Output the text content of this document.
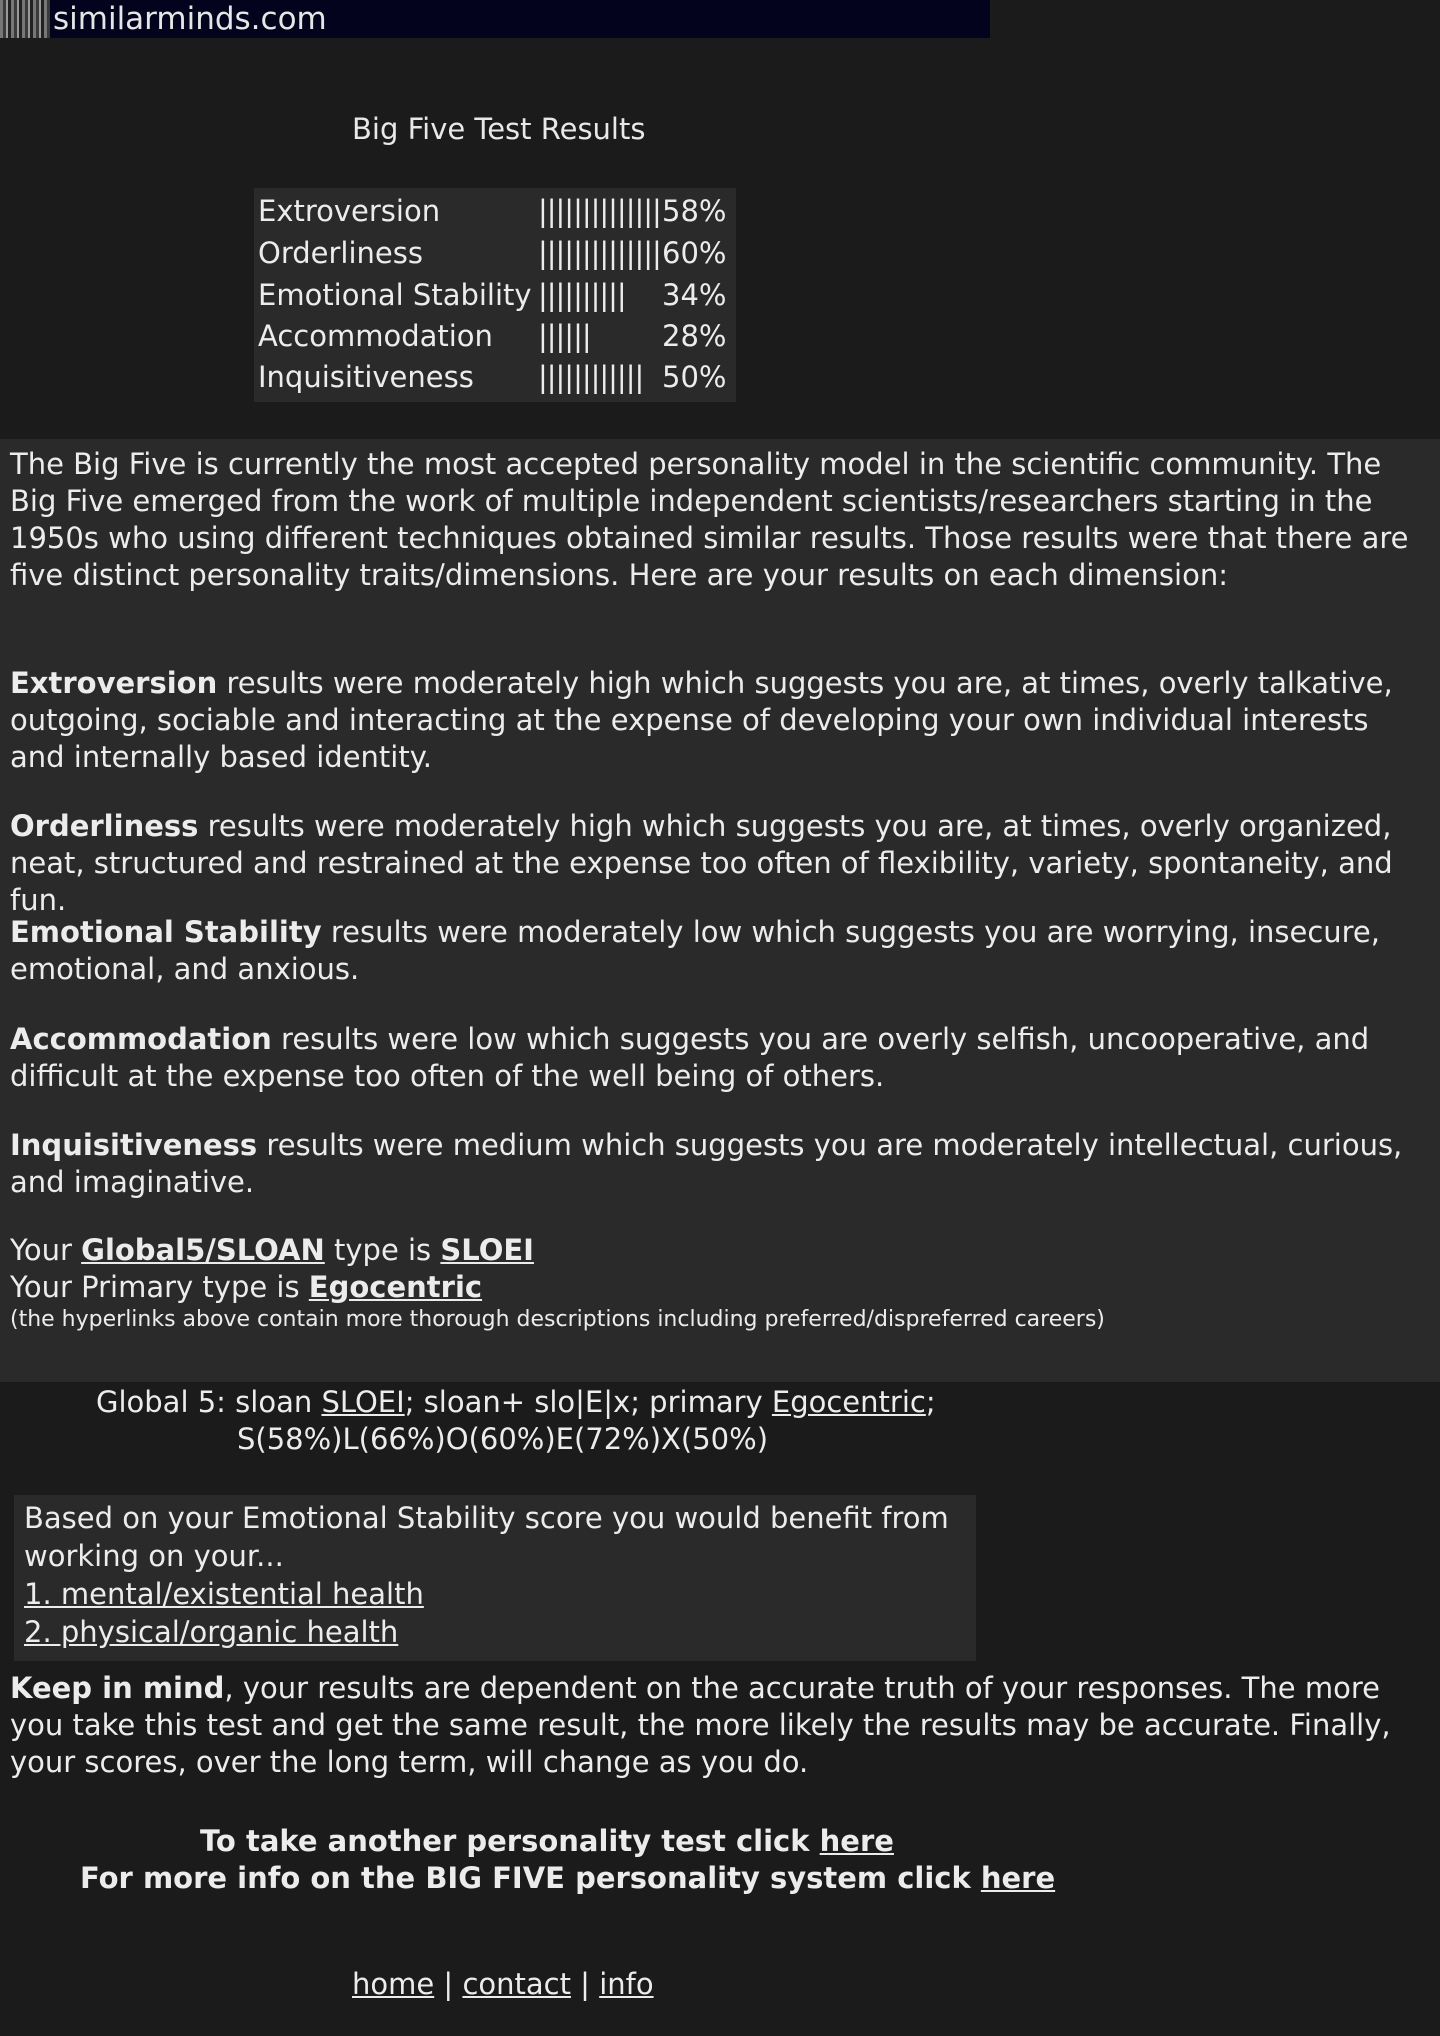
similarminds.com
Big Five Test Results
Extroversion	|||||||||||||| 58%
Orderliness	|||||||||||||| 60%
Emotional Stability |||||||||| 34%
Accommodation |||||| 28%
Inquisitiveness |||||||||||| 50%
The Big Five is currently the most accepted personality model in the scientific community. The Big Five emerged from the work of multiple independent scientists/researchers starting in the 1950s who using different techniques obtained similar results. Those results were that there are five distinct personality traits/dimensions. Here are your results on each dimension:
Extroversion results were moderately high which suggests you are, at times, overly talkative, outgoing, sociable and interacting at the expense of developing your own individual interests and internally based identity.
Orderliness results were moderately high which suggests you are, at times, overly organized, neat, structured and restrained at the expense too often of flexibility, variety, spontaneity, and fun.
Emotional Stability results were moderately low which suggests you are worrying, insecure, emotional, and anxious.
Accommodation results were low which suggests you are overly selfish, uncooperative, and difficult at the expense too often of the well being of others.
Inquisitiveness results were medium which suggests you are moderately intellectual, curious, and imaginative.
Your Global5/SLOAN type is SLOEI
Your Primary type is Egocentric
(the hyperlinks above contain more thorough descriptions including preferred/dispreferred careers)
Global 5: sloan SLOEI; sloan+ slo|E|x; primary Egocentric;
S(58%)L(66%)O(60%)E(72%)X(50%)
Based on your Emotional Stability score you would benefit from working on your...
1. mental/existential health
2. physical/organic health
Keep in mind, your results are dependent on the accurate truth of your responses. The more you take this test and get the same result, the more likely the results may be accurate. Finally, your scores, over the long term, will change as you do.
To take another personality test click here
For more info on the BIG FIVE personality system click here
home | contact | info
